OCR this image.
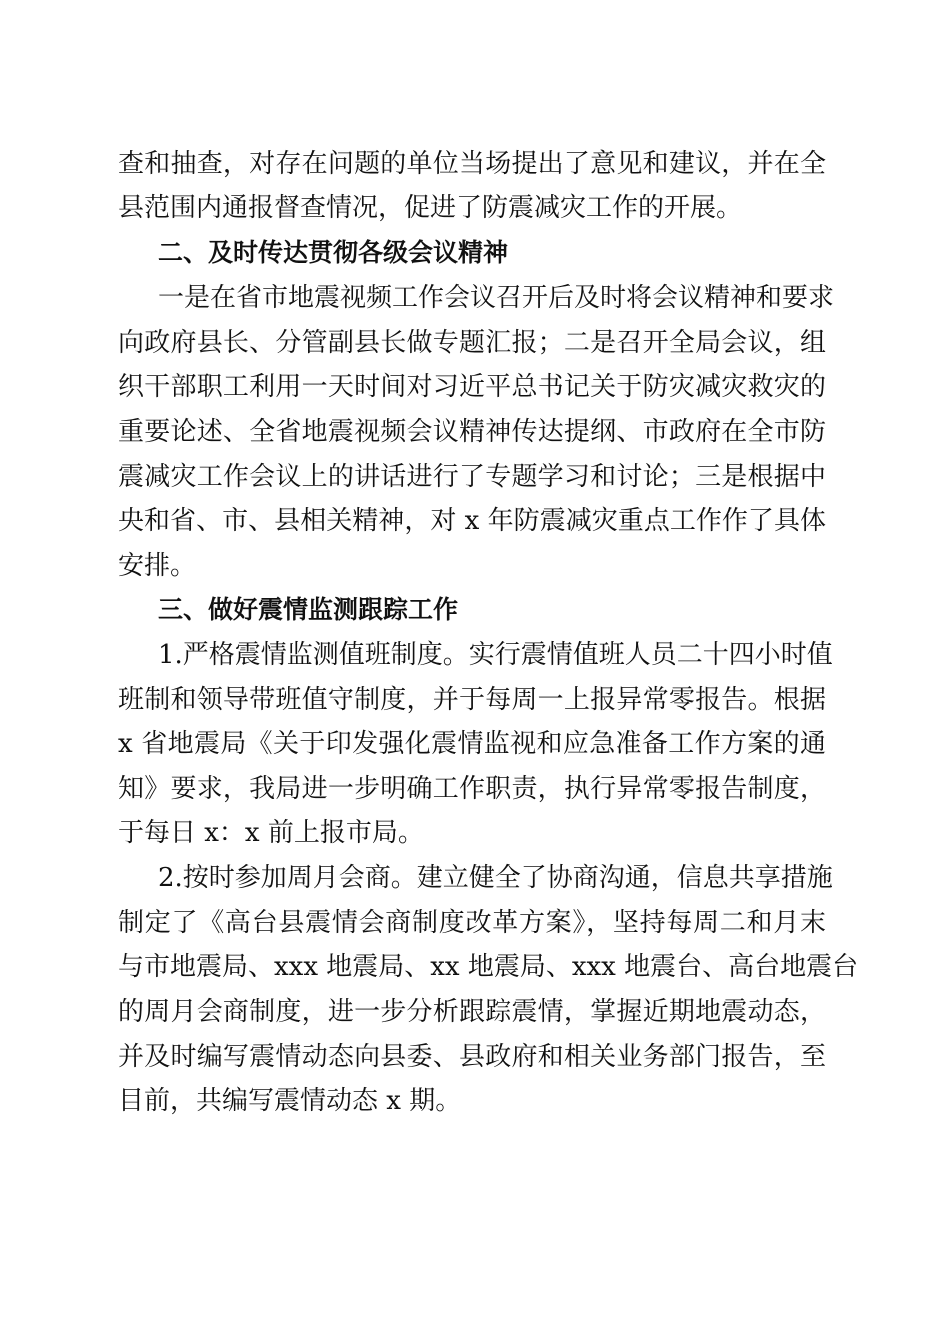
查和抽查，对存在问题的单位当场提出了意见和建议，并在全
县范围内通报督查情况，促进了防震减灾工作的开展。
二、及时传达贯彻各级会议精神
一是在省市地震视频工作会议召开后及时将会议精神和要求
向政府县长、分管副县长做专题汇报；二是召开全局会议，组
织干部职工利用一天时间对习近平总书记关于防灾减灾救灾的
重要论述、全省地震视频会议精神传达提纲、市政府在全市防
震减灾工作会议上的讲话进行了专题学习和讨论；三是根据中
央和省、市、县相关精神，对 x 年防震减灾重点工作作了具体
安排。
三、做好震情监测跟踪工作
1.严格震情监测值班制度。实行震情值班人员二十四小时值
班制和领导带班值守制度，并于每周一上报异常零报告。根据
x 省地震局《关于印发强化震情监视和应急准备工作方案的通
知》要求，我局进一步明确工作职责，执行异常零报告制度，
于每日 x：x 前上报市局。
2.按时参加周月会商。建立健全了协商沟通，信息共享措施
制定了《高台县震情会商制度改革方案》，坚持每周二和月末
与市地震局、xxx 地震局、xx 地震局、xxx 地震台、高台地震台
的周月会商制度，进一步分析跟踪震情，掌握近期地震动态，
并及时编写震情动态向县委、县政府和相关业务部门报告，至
目前，共编写震情动态 x 期。
